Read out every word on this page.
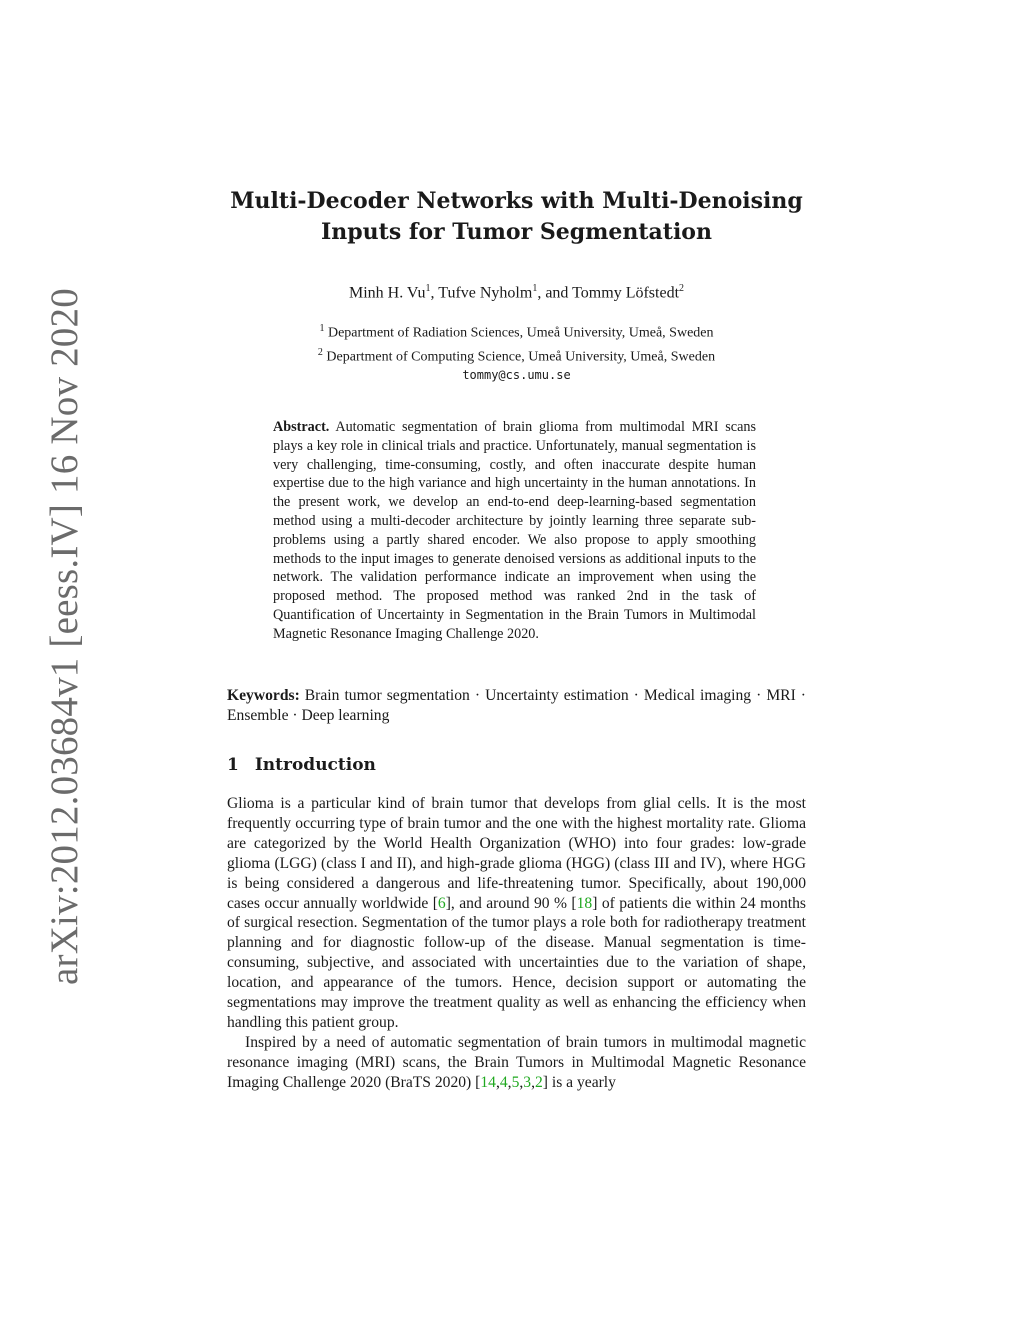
arXiv:2012.03684v1 [eess.IV] 16 Nov 2020
Multi-Decoder Networks with Multi-Denoising
Inputs for Tumor Segmentation
Minh H. Vu$^1$, Tufve Nyholm$^1$, and Tommy Löfstedt$^2$
$^1$ Department of Radiation Sciences, Umeå University, Umeå, Sweden
$^2$ Department of Computing Science, Umeå University, Umeå, Sweden
tommy@cs.umu.se
Abstract. Automatic segmentation of brain glioma from multimodal MRI scans plays a key role in clinical trials and practice. Unfortunately, manual segmentation is very challenging, time-consuming, costly, and often inaccurate despite human expertise due to the high variance and high uncertainty in the human annotations. In the present work, we develop an end-to-end deep-learning-based segmentation method using a multi-decoder architecture by jointly learning three separate sub-problems using a partly shared encoder. We also propose to apply smoothing methods to the input images to generate denoised versions as additional inputs to the network. The validation performance indicate an improvement when using the proposed method. The proposed method was ranked 2nd in the task of Quantification of Uncertainty in Segmentation in the Brain Tumors in Multimodal Magnetic Resonance Imaging Challenge 2020.
Keywords: Brain tumor segmentation · Uncertainty estimation · Medical imaging · MRI · Ensemble · Deep learning
1 Introduction

Glioma is a particular kind of brain tumor that develops from glial cells. It is the most frequently occurring type of brain tumor and the one with the highest mortality rate. Glioma are categorized by the World Health Organization (WHO) into four grades: low-grade glioma (LGG) (class I and II), and high-grade glioma (HGG) (class III and IV), where HGG is being considered a dangerous and life-threatening tumor. Specifically, about 190,000 cases occur annually worldwide [6], and around 90 % [18] of patients die within 24 months of surgical resection. Segmentation of the tumor plays a role both for radiotherapy treatment planning and for diagnostic follow-up of the disease. Manual segmentation is time-consuming, subjective, and associated with uncertainties due to the variation of shape, location, and appearance of the tumors. Hence, decision support or automating the segmentations may improve the treatment quality as well as enhancing the efficiency when handling this patient group.

Inspired by a need of automatic segmentation of brain tumors in multimodal magnetic resonance imaging (MRI) scans, the Brain Tumors in Multimodal Magnetic Resonance Imaging Challenge 2020 (BraTS 2020) [14,4,5,3,2] is a yearly
